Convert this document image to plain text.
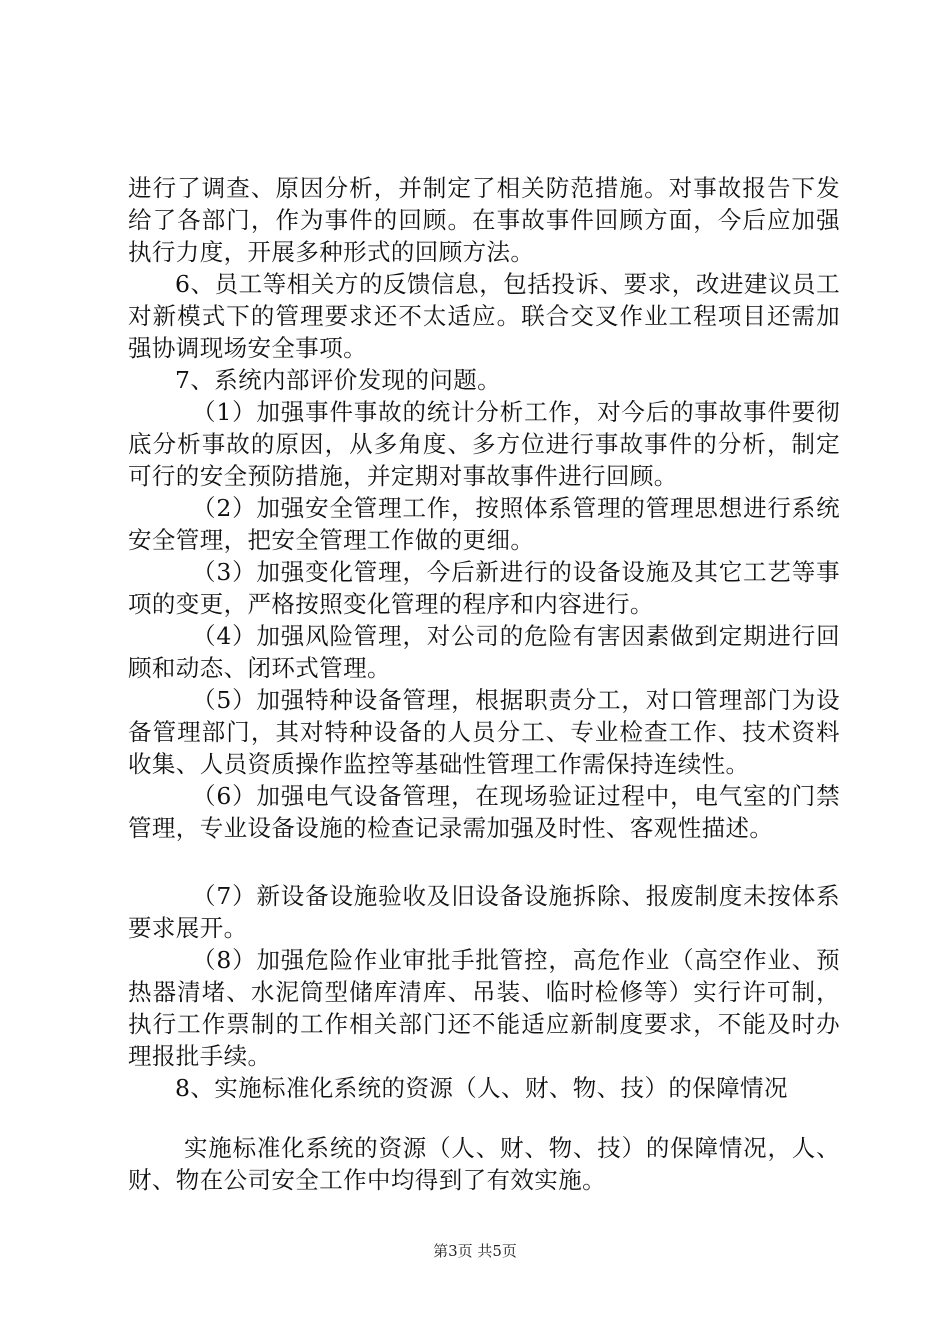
进行了调查、原因分析，并制定了相关防范措施。对事故报告下发给了各部门，作为事件的回顾。在事故事件回顾方面，今后应加强执行力度，开展多种形式的回顾方法。

6、员工等相关方的反馈信息，包括投诉、要求，改进建议员工对新模式下的管理要求还不太适应。联合交叉作业工程项目还需加强协调现场安全事项。

7、系统内部评价发现的问题。

（1）加强事件事故的统计分析工作，对今后的事故事件要彻底分析事故的原因，从多角度、多方位进行事故事件的分析，制定可行的安全预防措施，并定期对事故事件进行回顾。

（2）加强安全管理工作，按照体系管理的管理思想进行系统安全管理，把安全管理工作做的更细。

（3）加强变化管理，今后新进行的设备设施及其它工艺等事项的变更，严格按照变化管理的程序和内容进行。

（4）加强风险管理，对公司的危险有害因素做到定期进行回顾和动态、闭环式管理。

（5）加强特种设备管理，根据职责分工，对口管理部门为设备管理部门，其对特种设备的人员分工、专业检查工作、技术资料收集、人员资质操作监控等基础性管理工作需保持连续性。

（6）加强电气设备管理，在现场验证过程中，电气室的门禁管理，专业设备设施的检查记录需加强及时性、客观性描述。

（7）新设备设施验收及旧设备设施拆除、报废制度未按体系要求展开。

（8）加强危险作业审批手批管控，高危作业（高空作业、预热器清堵、水泥筒型储库清库、吊装、临时检修等）实行许可制，执行工作票制的工作相关部门还不能适应新制度要求，不能及时办理报批手续。

8、实施标准化系统的资源（人、财、物、技）的保障情况

实施标准化系统的资源（人、财、物、技）的保障情况，人、财、物在公司安全工作中均得到了有效实施。

第3页 共5页
